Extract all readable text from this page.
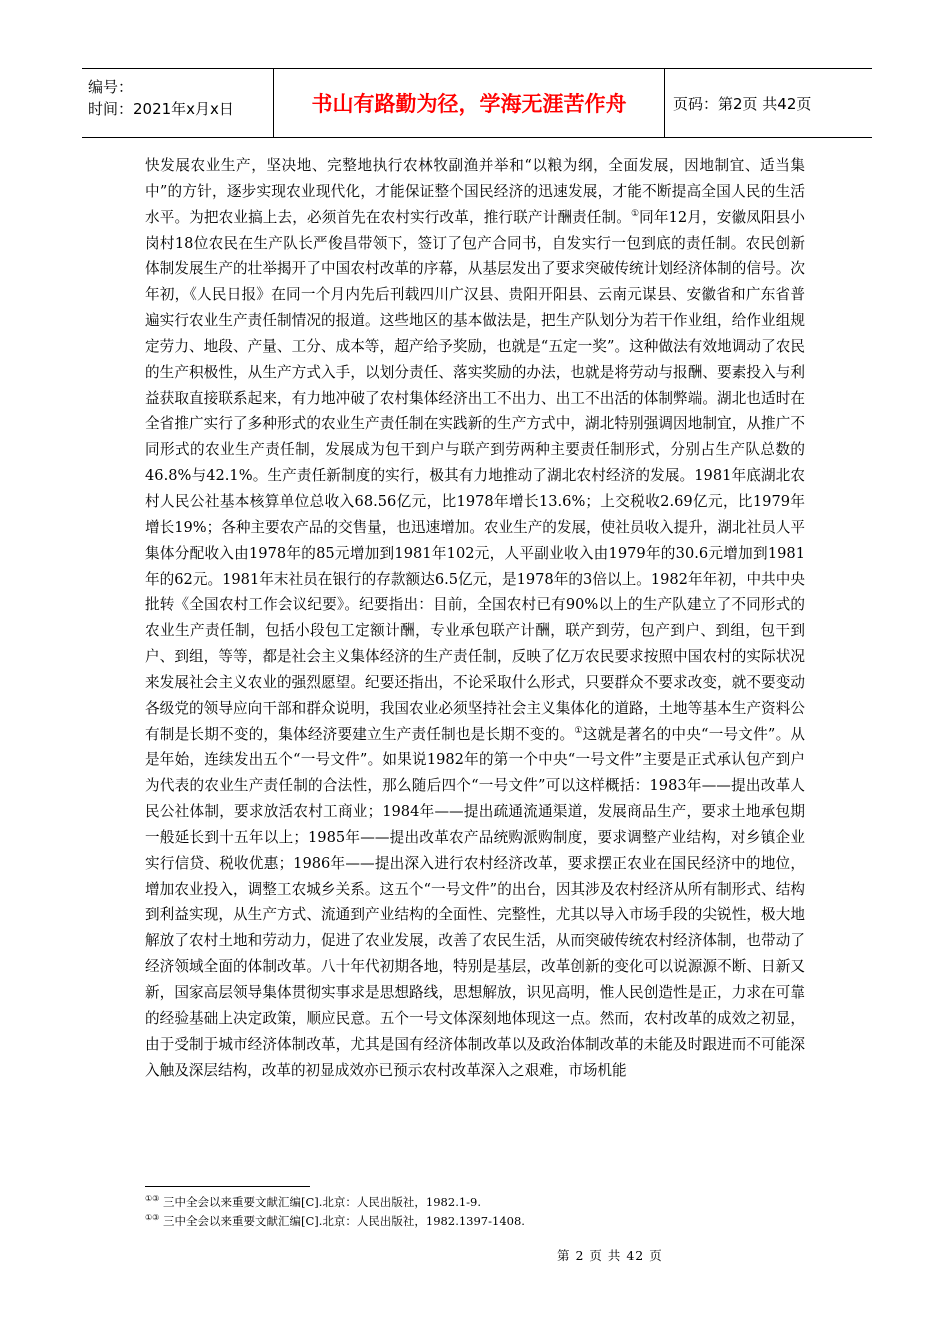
编号：
时间：2021年x月x日	书山有路勤为径，学海无涯苦作舟	页码：第2页 共42页

快发展农业生产，坚决地、完整地执行农林牧副渔并举和“以粮为纲，全面发展，因地制宜、适当集中”的方针，逐步实现农业现代化，才能保证整个国民经济的迅速发展，才能不断提高全国人民的生活水平。为把农业搞上去，必须首先在农村实行改革，推行联产计酬责任制。①同年12月，安徽凤阳县小岗村18位农民在生产队长严俊昌带领下，签订了包产合同书，自发实行一包到底的责任制。农民创新体制发展生产的壮举揭开了中国农村改革的序幕，从基层发出了要求突破传统计划经济体制的信号。次年初，《人民日报》在同一个月内先后刊载四川广汉县、贵阳开阳县、云南元谋县、安徽省和广东省普遍实行农业生产责任制情况的报道。这些地区的基本做法是，把生产队划分为若干作业组，给作业组规定劳力、地段、产量、工分、成本等，超产给予奖励，也就是“五定一奖”。这种做法有效地调动了农民的生产积极性，从生产方式入手，以划分责任、落实奖励的办法，也就是将劳动与报酬、要素投入与利益获取直接联系起来，有力地冲破了农村集体经济出工不出力、出工不出活的体制弊端。湖北也适时在全省推广实行了多种形式的农业生产责任制在实践新的生产方式中，湖北特别强调因地制宜，从推广不同形式的农业生产责任制，发展成为包干到户与联产到劳两种主要责任制形式，分别占生产队总数的46.8%与42.1%。生产责任新制度的实行，极其有力地推动了湖北农村经济的发展。1981年底湖北农村人民公社基本核算单位总收入68.56亿元，比1978年增长13.6%；上交税收2.69亿元，比1979年增长19%；各种主要农产品的交售量，也迅速增加。农业生产的发展，使社员收入提升，湖北社员人平集体分配收入由1978年的85元增加到1981年102元，人平副业收入由1979年的30.6元增加到1981年的62元。1981年末社员在银行的存款额达6.5亿元，是1978年的3倍以上。1982年年初，中共中央批转《全国农村工作会议纪要》。纪要指出：目前，全国农村已有90%以上的生产队建立了不同形式的农业生产责任制，包括小段包工定额计酬，专业承包联产计酬，联产到劳，包产到户、到组，包干到户、到组，等等，都是社会主义集体经济的生产责任制，反映了亿万农民要求按照中国农村的实际状况来发展社会主义农业的强烈愿望。纪要还指出，不论采取什么形式，只要群众不要求改变，就不要变动各级党的领导应向干部和群众说明，我国农业必须坚持社会主义集体化的道路，土地等基本生产资料公有制是长期不变的，集体经济要建立生产责任制也是长期不变的。①这就是著名的中央“一号文件”。从是年始，连续发出五个“一号文件”。如果说1982年的第一个中央“一号文件”主要是正式承认包产到户为代表的农业生产责任制的合法性，那么随后四个“一号文件”可以这样概括：1983年——提出改革人民公社体制，要求放活农村工商业；1984年——提出疏通流通渠道，发展商品生产，要求土地承包期一般延长到十五年以上；1985年——提出改革农产品统购派购制度，要求调整产业结构，对乡镇企业实行信贷、税收优惠；1986年——提出深入进行农村经济改革，要求摆正农业在国民经济中的地位，增加农业投入，调整工农城乡关系。这五个“一号文件”的出台，因其涉及农村经济从所有制形式、结构到利益实现，从生产方式、流通到产业结构的全面性、完整性，尤其以导入市场手段的尖锐性，极大地解放了农村土地和劳动力，促进了农业发展，改善了农民生活，从而突破传统农村经济体制，也带动了经济领域全面的体制改革。八十年代初期各地，特别是基层，改革创新的变化可以说源源不断、日新又新，国家高层领导集体贯彻实事求是思想路线，思想解放，识见高明，惟人民创造性是正，力求在可靠的经验基础上决定政策，顺应民意。五个一号文体深刻地体现这一点。然而，农村改革的成效之初显，由于受制于城市经济体制改革，尤其是国有经济体制改革以及政治体制改革的未能及时跟进而不可能深入触及深层结构，改革的初显成效亦已预示农村改革深入之艰难，市场机能

①③ 三中全会以来重要文献汇编[C].北京：人民出版社，1982.1-9.
①③ 三中全会以来重要文献汇编[C].北京：人民出版社，1982.1397-1408.
第 2 页 共 42 页
